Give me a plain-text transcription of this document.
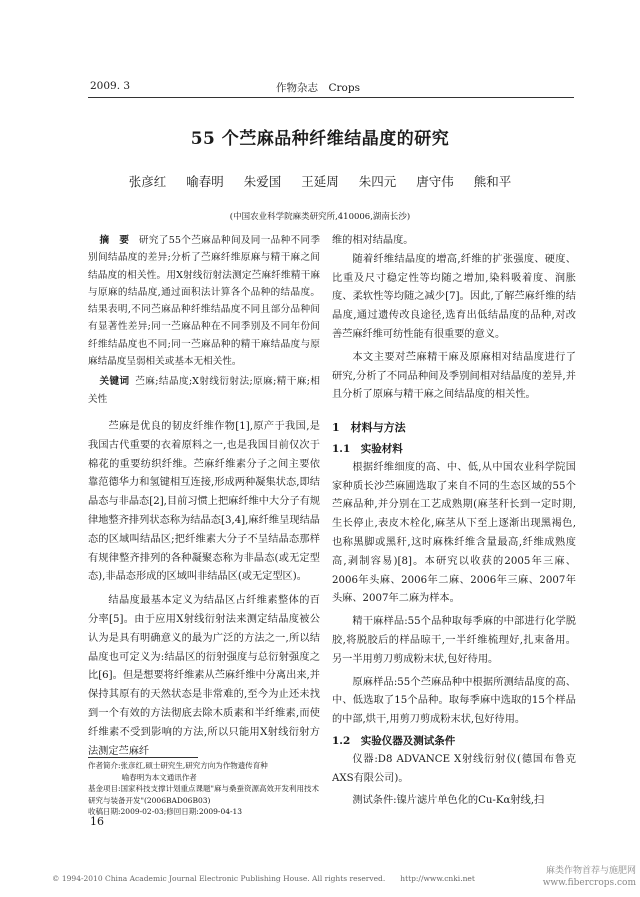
2009. 3	作物杂志　Crops
55 个苎麻品种纤维结晶度的研究
张彦红 喻春明 朱爱国 王延周 朱四元 唐守伟 熊和平
(中国农业科学院麻类研究所,410006,湖南长沙)

摘　要 研究了55个苎麻品种间及同一品种不同季别间结晶度的差异;分析了苎麻纤维原麻与精干麻之间结晶度的相关性。用X射线衍射法测定苎麻纤维精干麻与原麻的结晶度,通过面积法计算各个品种的结晶度。结果表明,不同苎麻品种纤维结晶度不同且部分品种间有显著性差异;同一苎麻品种在不同季别及不同年份间纤维结晶度也不同;同一苎麻品种的精干麻结晶度与原麻结晶度呈弱相关或基本无相关性。

关键词 苎麻;结晶度;X射线衍射法;原麻;精干麻;相关性

苎麻是优良的韧皮纤维作物[1],原产于我国,是我国古代重要的衣着原料之一,也是我国目前仅次于棉花的重要纺织纤维。苎麻纤维素分子之间主要依靠范德华力和氢键相互连接,形成两种凝集状态,即结晶态与非晶态[2],目前习惯上把麻纤维中大分子有规律地整齐排列状态称为结晶态[3,4],麻纤维呈现结晶态的区域叫结晶区;把纤维素大分子不呈结晶态那样有规律整齐排列的各种凝聚态称为非晶态(或无定型态),非晶态形成的区域叫非结晶区(或无定型区)。

结晶度最基本定义为结晶区占纤维素整体的百分率[5]。由于应用X射线衍射法来测定结晶度被公认为是具有明确意义的最为广泛的方法之一,所以结晶度也可定义为:结晶区的衍射强度与总衍射强度之比[6]。但是想要将纤维素从苎麻纤维中分离出来,并保持其原有的天然状态是非常难的,至今为止还未找到一个有效的方法彻底去除木质素和半纤维素,而使纤维素不受到影响的方法,所以只能用X射线衍射方法测定苎麻纤

作者简介:张彦红,硕士研究生,研究方向为作物遗传育种
喻春明为本文通讯作者
基金项目:国家科技支撑计划重点课题"麻与桑蚕资源高效开发利用技术研究与装备开发"(2006BAD06B03)
收稿日期:2009-02-03;修回日期:2009-04-13
16

维的相对结晶度。

随着纤维结晶度的增高,纤维的扩张强度、硬度、比重及尺寸稳定性等均随之增加,染料吸着度、润胀度、柔软性等均随之减少[7]。因此,了解苎麻纤维的结晶度,通过遗传改良途径,选育出低结晶度的品种,对改善苎麻纤维可纺性能有很重要的意义。

本文主要对苎麻精干麻及原麻相对结晶度进行了研究,分析了不同品种间及季别间相对结晶度的差异,并且分析了原麻与精干麻之间结晶度的相关性。

1　材料与方法

1.1　实验材料

根据纤维细度的高、中、低,从中国农业科学院国家种质长沙苎麻圃选取了来自不同的生态区域的55个苎麻品种,并分别在工艺成熟期(麻茎秆长到一定时期,生长停止,表皮木栓化,麻茎从下至上逐渐出现黑褐色,也称黑脚或黑秆,这时麻株纤维含量最高,纤维成熟度高,剥制容易)[8]。本研究以收获的2005年三麻、2006年头麻、2006年二麻、2006年三麻、2007年头麻、2007年二麻为样本。

精干麻样品:55个品种取每季麻的中部进行化学脱胶,将脱胶后的样品晾干,一半纤维梳理好,扎束备用。另一半用剪刀剪成粉末状,包好待用。

原麻样品:55个苎麻品种中根据所测结晶度的高、中、低选取了15个品种。取每季麻中选取的15个样品的中部,烘干,用剪刀剪成粉末状,包好待用。

1.2　实验仪器及测试条件

仪器:D8 ADVANCE X射线衍射仪(德国布鲁克AXS有限公司)。

测试条件:镍片滤片单色化的Cu-Kα射线,扫

© 1994-2010 China Academic Journal Electronic Publishing House. All rights reserved.　　http://www.cnki.net
麻类作物首荐与施肥网
www.fibercrops.com
